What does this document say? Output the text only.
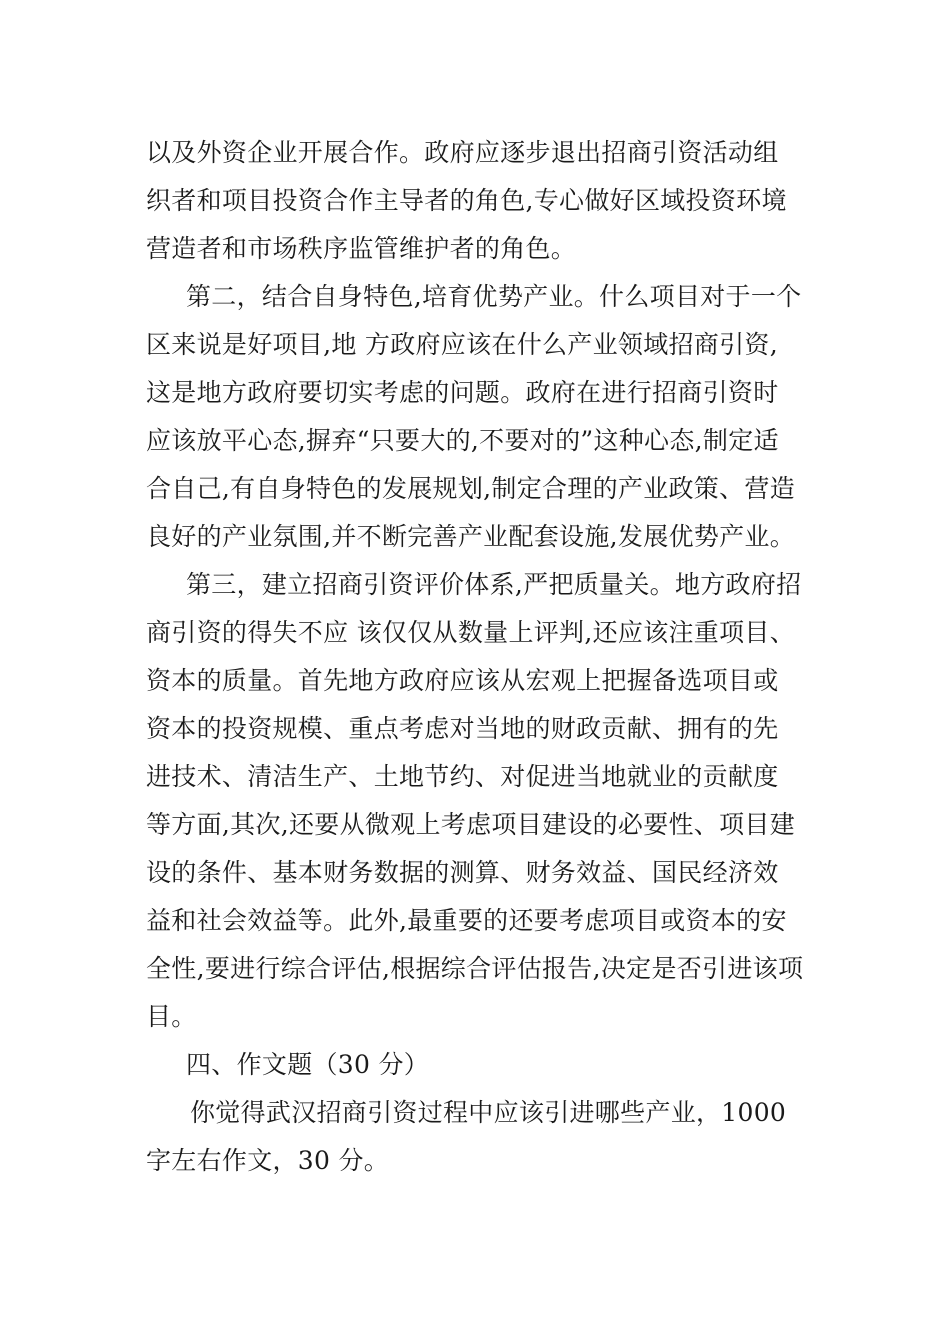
以及外资企业开展合作。政府应逐步退出招商引资活动组
织者和项目投资合作主导者的角色,专心做好区域投资环境
营造者和市场秩序监管维护者的角色。
第二，结合自身特色,培育优势产业。什么项目对于一个
区来说是好项目,地 方政府应该在什么产业领域招商引资,
这是地方政府要切实考虑的问题。政府在进行招商引资时
应该放平心态,摒弃“只要大的,不要对的”这种心态,制定适
合自己,有自身特色的发展规划,制定合理的产业政策、营造
良好的产业氛围,并不断完善产业配套设施,发展优势产业。
第三，建立招商引资评价体系,严把质量关。地方政府招
商引资的得失不应 该仅仅从数量上评判,还应该注重项目、
资本的质量。首先地方政府应该从宏观上把握备选项目或
资本的投资规模、重点考虑对当地的财政贡献、拥有的先
进技术、清洁生产、土地节约、对促进当地就业的贡献度
等方面,其次,还要从微观上考虑项目建设的必要性、项目建
设的条件、基本财务数据的测算、财务效益、国民经济效
益和社会效益等。此外,最重要的还要考虑项目或资本的安
全性,要进行综合评估,根据综合评估报告,决定是否引进该项
目。
四、作文题（30 分）
你觉得武汉招商引资过程中应该引进哪些产业，1000
字左右作文，30 分。
